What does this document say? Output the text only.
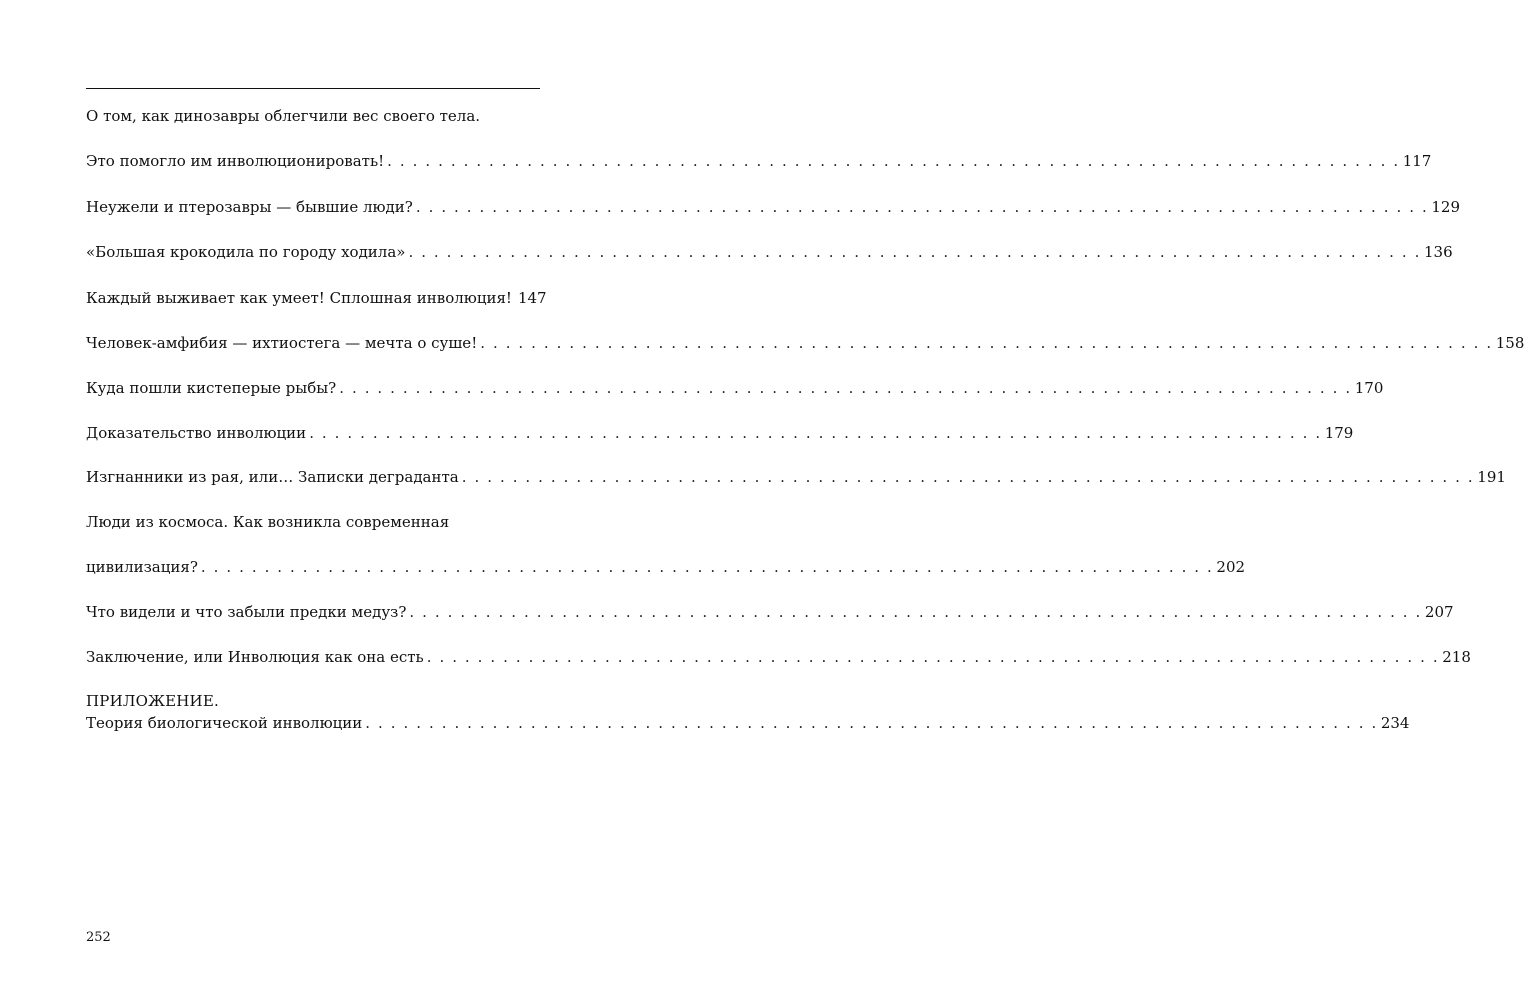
О том, как динозавры облегчили вес своего тела.
Это помогло им инволюционировать! . . . . . . . . . . . . . . . . . . . . . . . . . . . . . . . . . . . . . . . . . . . . . . . . . . . . . . . . . . . . . . . . . . . . . . . . . . . . . . . . 117
Неужели и птерозавры — бывшие люди? . . . . . . . . . . . . . . . . . . . . . . . . . . . . . . . . . . . . . . . . . . . . . . . . . . . . . . . . . . . . . . . . . . . . . . . . . . . . . . . . 129
«Большая крокодила по городу ходила» . . . . . . . . . . . . . . . . . . . . . . . . . . . . . . . . . . . . . . . . . . . . . . . . . . . . . . . . . . . . . . . . . . . . . . . . . . . . . . . . 136
Каждый выживает как умеет! Сплошная инволюция! 147
Человек-амфибия — ихтиостега — мечта о суше! . . . . . . . . . . . . . . . . . . . . . . . . . . . . . . . . . . . . . . . . . . . . . . . . . . . . . . . . . . . . . . . . . . . . . . . . . . . . . . . . 158
Куда пошли кистеперые рыбы? . . . . . . . . . . . . . . . . . . . . . . . . . . . . . . . . . . . . . . . . . . . . . . . . . . . . . . . . . . . . . . . . . . . . . . . . . . . . . . . . 170
Доказательство инволюции . . . . . . . . . . . . . . . . . . . . . . . . . . . . . . . . . . . . . . . . . . . . . . . . . . . . . . . . . . . . . . . . . . . . . . . . . . . . . . . . 179
Изгнанники из рая, или… Записки деградантa . . . . . . . . . . . . . . . . . . . . . . . . . . . . . . . . . . . . . . . . . . . . . . . . . . . . . . . . . . . . . . . . . . . . . . . . . . . . . . . . 191
Люди из космоса. Как возникла современная
цивилизация? . . . . . . . . . . . . . . . . . . . . . . . . . . . . . . . . . . . . . . . . . . . . . . . . . . . . . . . . . . . . . . . . . . . . . . . . . . . . . . . . 202
Что видели и что забыли предки медуз? . . . . . . . . . . . . . . . . . . . . . . . . . . . . . . . . . . . . . . . . . . . . . . . . . . . . . . . . . . . . . . . . . . . . . . . . . . . . . . . . 207
Заключение, или Инволюция как она есть . . . . . . . . . . . . . . . . . . . . . . . . . . . . . . . . . . . . . . . . . . . . . . . . . . . . . . . . . . . . . . . . . . . . . . . . . . . . . . . . 218
ПРИЛОЖЕНИЕ.
Теория биологической инволюции . . . . . . . . . . . . . . . . . . . . . . . . . . . . . . . . . . . . . . . . . . . . . . . . . . . . . . . . . . . . . . . . . . . . . . . . . . . . . . . . 234
252
